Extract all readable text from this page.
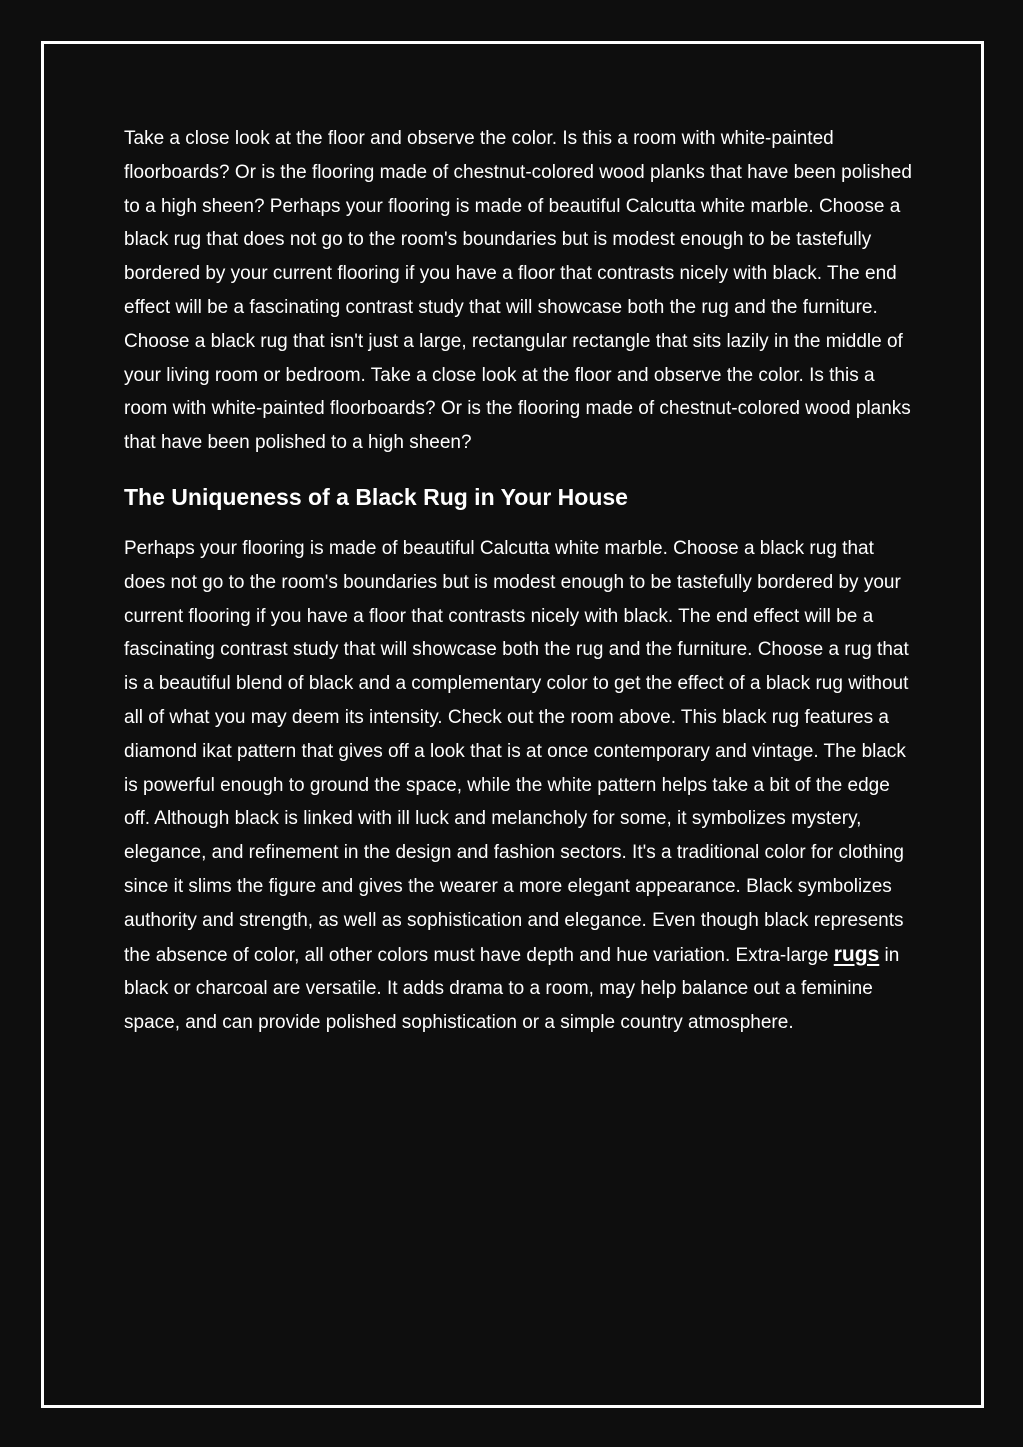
Take a close look at the floor and observe the color. Is this a room with white-painted floorboards? Or is the flooring made of chestnut-colored wood planks that have been polished to a high sheen? Perhaps your flooring is made of beautiful Calcutta white marble. Choose a black rug that does not go to the room's boundaries but is modest enough to be tastefully bordered by your current flooring if you have a floor that contrasts nicely with black. The end effect will be a fascinating contrast study that will showcase both the rug and the furniture. Choose a black rug that isn't just a large, rectangular rectangle that sits lazily in the middle of your living room or bedroom. Take a close look at the floor and observe the color. Is this a room with white-painted floorboards? Or is the flooring made of chestnut-colored wood planks that have been polished to a high sheen?

The Uniqueness of a Black Rug in Your House

Perhaps your flooring is made of beautiful Calcutta white marble. Choose a black rug that does not go to the room's boundaries but is modest enough to be tastefully bordered by your current flooring if you have a floor that contrasts nicely with black. The end effect will be a fascinating contrast study that will showcase both the rug and the furniture. Choose a rug that is a beautiful blend of black and a complementary color to get the effect of a black rug without all of what you may deem its intensity. Check out the room above. This black rug features a diamond ikat pattern that gives off a look that is at once contemporary and vintage. The black is powerful enough to ground the space, while the white pattern helps take a bit of the edge off. Although black is linked with ill luck and melancholy for some, it symbolizes mystery, elegance, and refinement in the design and fashion sectors. It's a traditional color for clothing since it slims the figure and gives the wearer a more elegant appearance. Black symbolizes authority and strength, as well as sophistication and elegance. Even though black represents the absence of color, all other colors must have depth and hue variation. Extra-large rugs in black or charcoal are versatile. It adds drama to a room, may help balance out a feminine space, and can provide polished sophistication or a simple country atmosphere.
